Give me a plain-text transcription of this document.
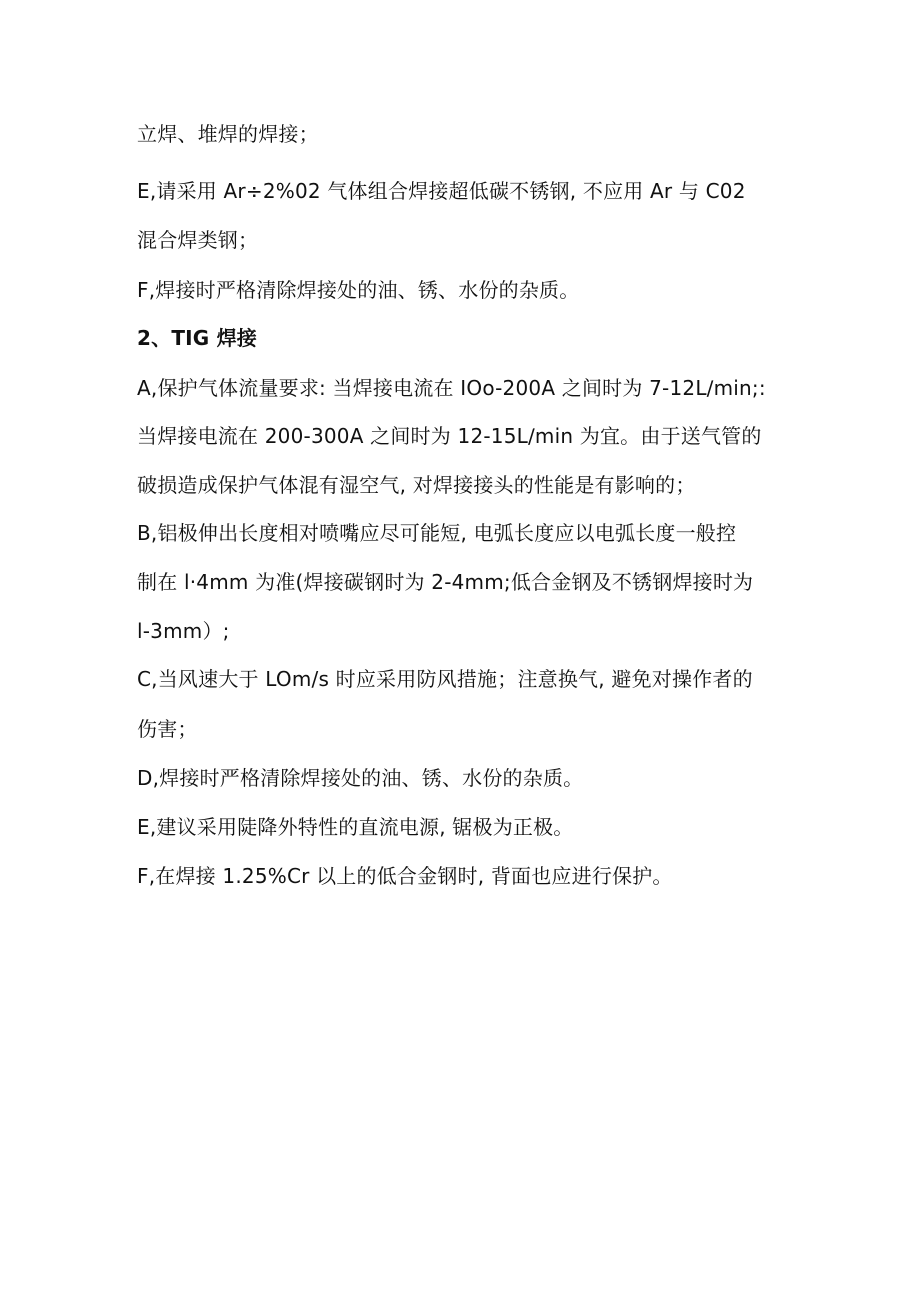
立焊、堆焊的焊接；
E,请采用 Ar÷2%02 气体组合焊接超低碳不锈钢, 不应用 Ar 与 C02
混合焊类钢；
F,焊接时严格清除焊接处的油、锈、水份的杂质。
2、TIG 焊接
A,保护气体流量要求: 当焊接电流在 IOo-200A 之间时为 7-12L∕min;:
当焊接电流在 200-300A 之间时为 12-15L∕min 为宜。由于送气管的
破损造成保护气体混有湿空气, 对焊接接头的性能是有影响的；
B,铝极伸出长度相对喷嘴应尽可能短, 电弧长度应以电弧长度一般控
制在 l·4mm 为准(焊接碳钢时为 2-4mm;低合金钢及不锈钢焊接时为
l-3mm）;
C,当风速大于 LOm/s 时应采用防风措施；注意换气, 避免对操作者的
伤害；
D,焊接时严格清除焊接处的油、锈、水份的杂质。
E,建议采用陡降外特性的直流电源, 锯极为正极。
F,在焊接 1.25%Cr 以上的低合金钢时, 背面也应进行保护。
